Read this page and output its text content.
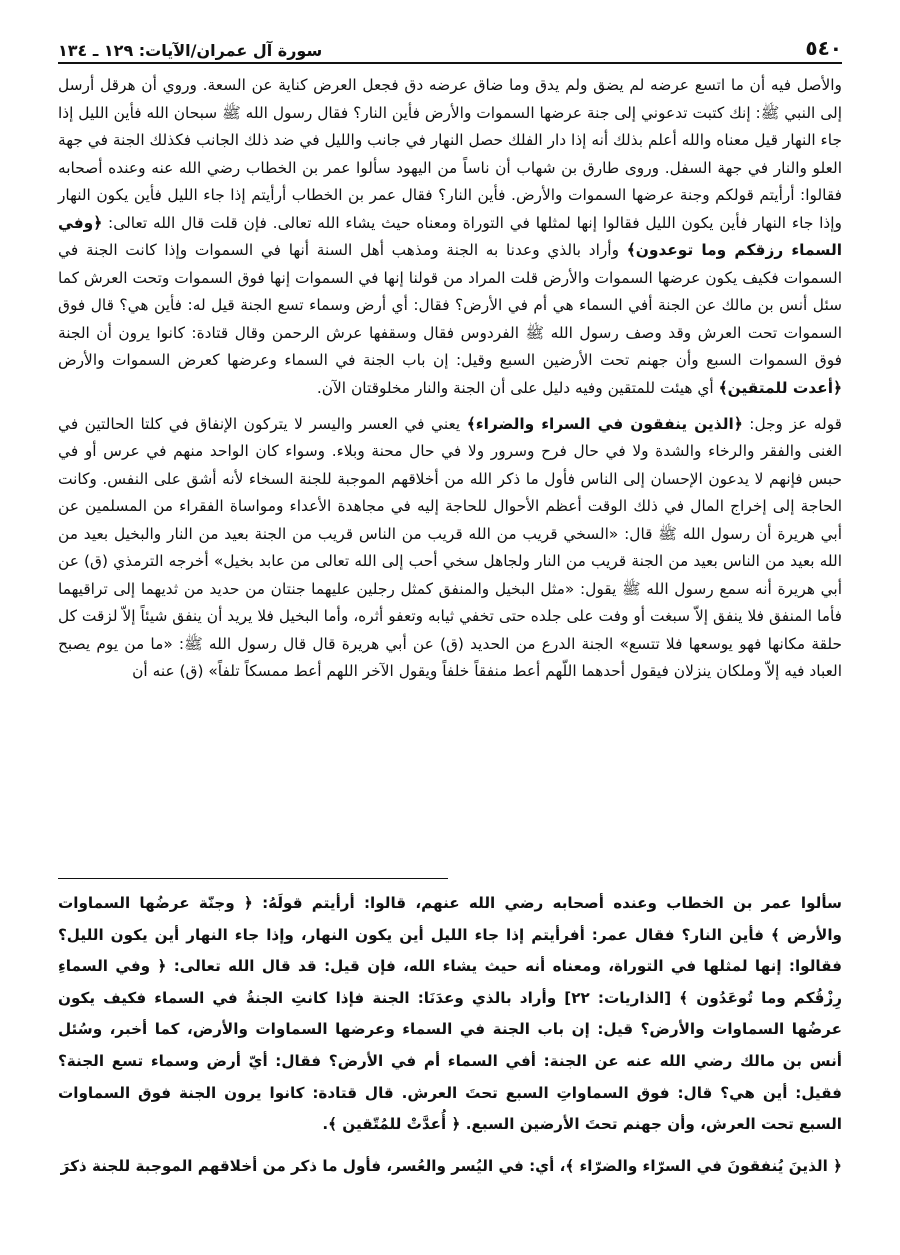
سورة آل عمران/الآيات: ١٢٩ ـ ١٣٤	٥٤٠

والأصل فيه أن ما اتسع عرضه لم يضق ولم يدق وما ضاق عرضه دق فجعل العرض كناية عن السعة. وروي أن هرقل أرسل إلى النبي ﷺ: إنك كتبت تدعوني إلى جنة عرضها السموات والأرض فأين النار؟ فقال رسول الله ﷺ سبحان الله فأين الليل إذا جاء النهار قيل معناه والله أعلم بذلك أنه إذا دار الفلك حصل النهار في جانب والليل في ضد ذلك الجانب فكذلك الجنة في جهة العلو والنار في جهة السفل. وروى طارق بن شهاب أن ناساً من اليهود سألوا عمر بن الخطاب رضي الله عنه وعنده أصحابه فقالوا: أرأيتم قولكم وجنة عرضها السموات والأرض. فأين النار؟ فقال عمر بن الخطاب أرأيتم إذا جاء الليل فأين يكون النهار وإذا جاء النهار فأين يكون الليل فقالوا إنها لمثلها في التوراة ومعناه حيث يشاء الله تعالى. فإن قلت قال الله تعالى: ﴿وفي السماء رزقكم وما توعدون﴾ وأراد بالذي وعدنا به الجنة ومذهب أهل السنة أنها في السموات وإذا كانت الجنة في السموات فكيف يكون عرضها السموات والأرض قلت المراد من قولنا إنها في السموات إنها فوق السموات وتحت العرش كما سئل أنس بن مالك عن الجنة أفي السماء هي أم في الأرض؟ فقال: أي أرض وسماء تسع الجنة قيل له: فأين هي؟ قال فوق السموات تحت العرش وقد وصف رسول الله ﷺ الفردوس فقال وسقفها عرش الرحمن وقال قتادة: كانوا يرون أن الجنة فوق السموات السبع وأن جهنم تحت الأرضين السبع وقيل: إن باب الجنة في السماء وعرضها كعرض السموات والأرض ﴿أعدت للمتقين﴾ أي هيئت للمتقين وفيه دليل على أن الجنة والنار مخلوقتان الآن.

قوله عز وجل: ﴿الذين ينفقون في السراء والضراء﴾ يعني في العسر واليسر لا يتركون الإنفاق في كلتا الحالتين في الغنى والفقر والرخاء والشدة ولا في حال فرح وسرور ولا في حال محنة وبلاء. وسواء كان الواحد منهم في عرس أو في حبس فإنهم لا يدعون الإحسان إلى الناس فأول ما ذكر الله من أخلاقهم الموجبة للجنة السخاء لأنه أشق على النفس. وكانت الحاجة إلى إخراج المال في ذلك الوقت أعظم الأحوال للحاجة إليه في مجاهدة الأعداء ومواساة الفقراء من المسلمين عن أبي هريرة أن رسول الله ﷺ قال: «السخي قريب من الله قريب من الناس قريب من الجنة بعيد من النار والبخيل بعيد من الله بعيد من الناس بعيد من الجنة قريب من النار ولجاهل سخي أحب إلى الله تعالى من عابد بخيل» أخرجه الترمذي (ق) عن أبي هريرة أنه سمع رسول الله ﷺ يقول: «مثل البخيل والمنفق كمثل رجلين عليهما جنتان من حديد من ثديهما إلى تراقيهما فأما المنفق فلا ينفق إلاّ سبغت أو وفت على جلده حتى تخفي ثيابه وتعفو أثره، وأما البخيل فلا يريد أن ينفق شيئاً إلاّ لزقت كل حلقة مكانها فهو يوسعها فلا تتسع» الجنة الدرع من الحديد (ق) عن أبي هريرة قال قال رسول الله ﷺ: «ما من يوم يصبح العباد فيه إلاّ وملكان ينزلان فيقول أحدهما اللّهم أعط منفقاً خلفاً ويقول الآخر اللهم أعط ممسكاً تلفاً» (ق) عنه أن

سألوا عمر بن الخطاب وعنده أصحابه رضي الله عنهم، قالوا: أرأيتم قولَهُ: ﴿ وجنّة عرضُها السماوات والأرض ﴾ فأين النار؟ فقال عمر: أفرأيتم إذا جاء الليل أين يكون النهار، وإذا جاء النهار أين يكون الليل؟ فقالوا: إنها لمثلها في التوراة، ومعناه أنه حيث يشاء الله، فإن قيل: قد قال الله تعالى: ﴿ وفي السماءِ رِزْقُكم وما تُوعَدُون ﴾ [الذاريات: ٢٢] وأراد بالذي وعدَنَا: الجنة فإذا كانتِ الجنةُ في السماء فكيف يكون عرضُها السماوات والأرض؟ قيل: إن باب الجنة في السماء وعرضها السماوات والأرض، كما أخبر، وسُئل أنس بن مالك رضي الله عنه عن الجنة: أفي السماء أم في الأرض؟ فقال: أيّ أرض وسماء تسع الجنة؟ فقيل: أين هي؟ قال: فوق السماواتِ السبع تحتَ العرش. قال قتادة: كانوا يرون الجنة فوق السماوات السبع تحت العرش، وأن جهنم تحتَ الأرضين السبع. ﴿ أُعدَّتْ للمُتّقين ﴾.

﴿ الذينَ يُنفقونَ في السرّاء والضرّاء ﴾، أي: في اليُسر والعُسر، فأول ما ذكر من أخلاقهم الموجبة للجنة ذكرَ
